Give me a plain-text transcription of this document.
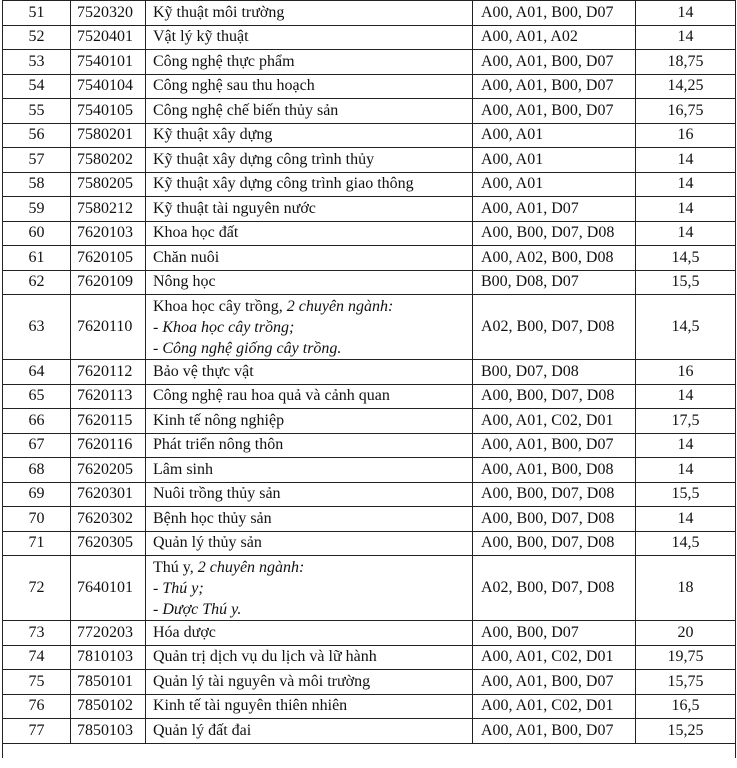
51	7520320	Kỹ thuật môi trường	A00, A01, B00, D07	14
52	7520401	Vật lý kỹ thuật	A00, A01, A02	14
53	7540101	Công nghệ thực phẩm	A00, A01, B00, D07	18,75
54	7540104	Công nghệ sau thu hoạch	A00, A01, B00, D07	14,25
55	7540105	Công nghệ chế biến thủy sản	A00, A01, B00, D07	16,75
56	7580201	Kỹ thuật xây dựng	A00, A01	16
57	7580202	Kỹ thuật xây dựng công trình thủy	A00, A01	14
58	7580205	Kỹ thuật xây dựng công trình giao thông	A00, A01	14
59	7580212	Kỹ thuật tài nguyên nước	A00, A01, D07	14
60	7620103	Khoa học đất	A00, B00, D07, D08	14
61	7620105	Chăn nuôi	A00, A02, B00, D08	14,5
62	7620109	Nông học	B00, D08, D07	15,5
63	7620110	Khoa học cây trồng, 2 chuyên ngành:
- Khoa học cây trồng;
- Công nghệ giống cây trồng.	A02, B00, D07, D08	14,5
64	7620112	Bảo vệ thực vật	B00, D07, D08	16
65	7620113	Công nghệ rau hoa quả và cảnh quan	A00, B00, D07, D08	14
66	7620115	Kinh tế nông nghiệp	A00, A01, C02, D01	17,5
67	7620116	Phát triển nông thôn	A00, A01, B00, D07	14
68	7620205	Lâm sinh	A00, A01, B00, D08	14
69	7620301	Nuôi trồng thủy sản	A00, B00, D07, D08	15,5
70	7620302	Bệnh học thủy sản	A00, B00, D07, D08	14
71	7620305	Quản lý thủy sản	A00, B00, D07, D08	14,5
72	7640101	Thú y, 2 chuyên ngành:
- Thú y;
- Dược Thú y.	A02, B00, D07, D08	18
73	7720203	Hóa dược	A00, B00, D07	20
74	7810103	Quản trị dịch vụ du lịch và lữ hành	A00, A01, C02, D01	19,75
75	7850101	Quản lý tài nguyên và môi trường	A00, A01, B00, D07	15,75
76	7850102	Kinh tế tài nguyên thiên nhiên	A00, A01, C02, D01	16,5
77	7850103	Quản lý đất đai	A00, A01, B00, D07	15,25
